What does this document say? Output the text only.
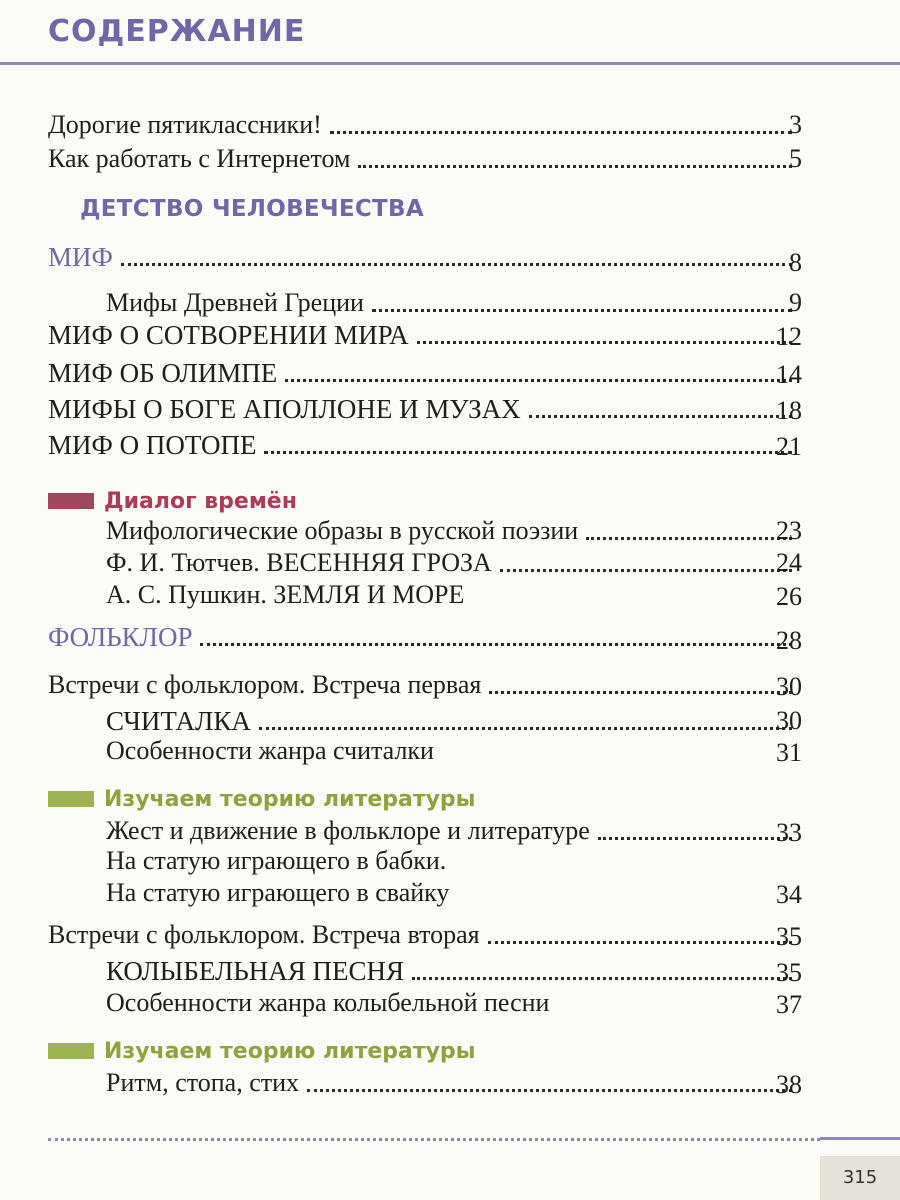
СОДЕРЖАНИЕ
Дорогие пятиклассники!	3
Как работать с Интернетом	5
ДЕТСТВО ЧЕЛОВЕЧЕСТВА
МИФ	8
Мифы Древней Греции	9
МИФ О СОТВОРЕНИИ МИРА	12
МИФ ОБ ОЛИМПЕ	14
МИФЫ О БОГЕ АПОЛЛОНЕ И МУЗАХ	18
МИФ О ПОТОПЕ	21
Диалог времён
Мифологические образы в русской поэзии	23
Ф. И. Тютчев. ВЕСЕННЯЯ ГРОЗА	24
А. С. Пушкин. ЗЕМЛЯ И МОРЕ	26
ФОЛЬКЛОР	28
Встречи с фольклором. Встреча первая	30
СЧИТАЛКА	30
Особенности жанра считалки	31
Изучаем теорию литературы
Жест и движение в фольклоре и литературе	33
На статую играющего в бабки.
На статую играющего в свайку	34
Встречи с фольклором. Встреча вторая	35
КОЛЫБЕЛЬНАЯ ПЕСНЯ	35
Особенности жанра колыбельной песни	37
Изучаем теорию литературы
Ритм, стопа, стих	38
315
